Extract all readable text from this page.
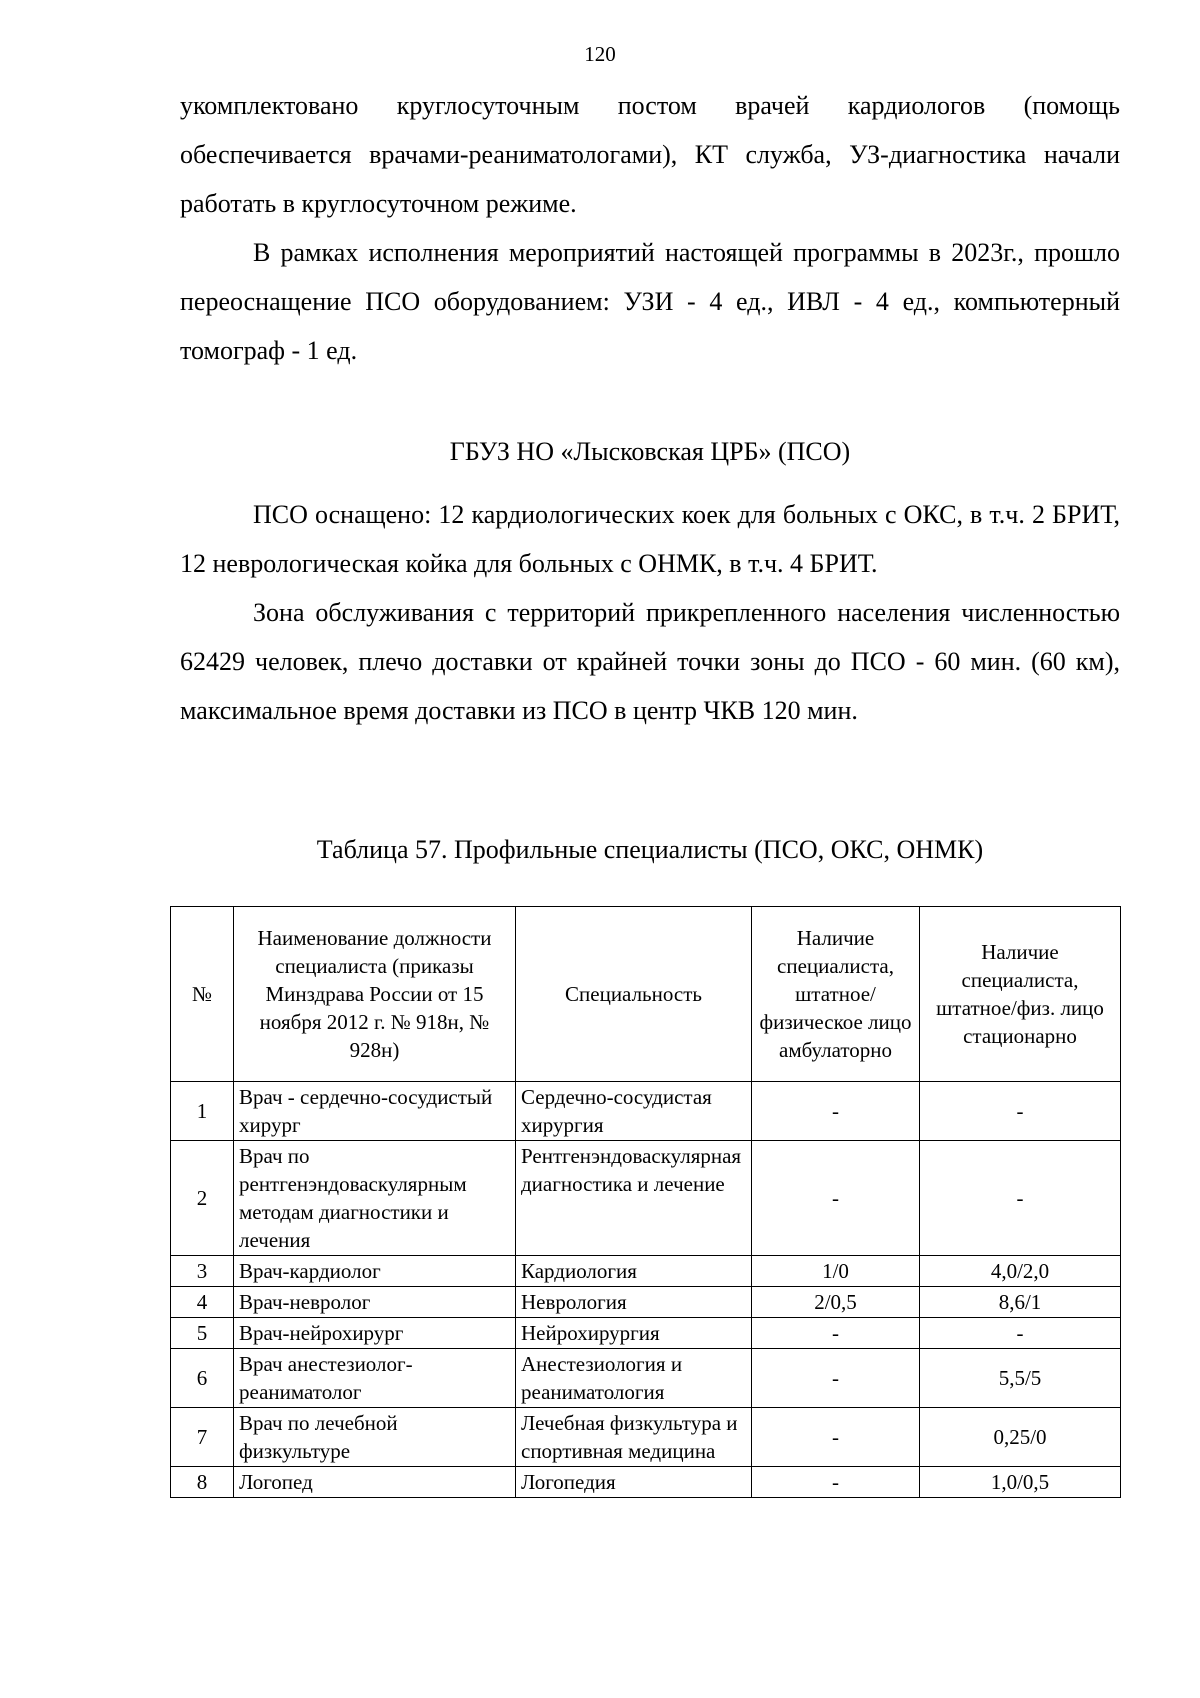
120

укомплектовано круглосуточным постом врачей кардиологов (помощь обеспечивается врачами-реаниматологами), КТ служба, УЗ-диагностика начали работать в круглосуточном режиме.

В рамках исполнения мероприятий настоящей программы в 2023г., прошло переоснащение ПСО оборудованием: УЗИ - 4 ед., ИВЛ - 4 ед., компьютерный томограф - 1 ед.

ГБУЗ НО «Лысковская ЦРБ» (ПСО)

ПСО оснащено: 12 кардиологических коек для больных с ОКС, в т.ч. 2 БРИТ, 12 неврологическая койка для больных с ОНМК, в т.ч. 4 БРИТ.

Зона обслуживания с территорий прикрепленного населения численностью 62429 человек, плечо доставки от крайней точки зоны до ПСО - 60 мин. (60 км), максимальное время доставки из ПСО в центр ЧКВ 120 мин.

Таблица 57. Профильные специалисты (ПСО, ОКС, ОНМК)
№	Наименование должности специалиста (приказы Минздрава России от 15 ноября 2012 г. № 918н, № 928н)	Специальность	Наличие специалиста, штатное/физическое лицо амбулаторно	Наличие специалиста, штатное/физ. лицо стационарно
1	Врач - сердечно-сосудистый хирург	Сердечно-сосудистая хирургия	-	-
2	Врач по рентгенэндоваскулярным методам диагностики и лечения	Рентгенэндоваскулярная диагностика и лечение	-	-
3	Врач-кардиолог	Кардиология	1/0	4,0/2,0
4	Врач-невролог	Неврология	2/0,5	8,6/1
5	Врач-нейрохирург	Нейрохирургия	-	-
6	Врач анестезиолог-реаниматолог	Анестезиология и реаниматология	-	5,5/5
7	Врач по лечебной физкультуре	Лечебная физкультура и спортивная медицина	-	0,25/0
8	Логопед	Логопедия	-	1,0/0,5
